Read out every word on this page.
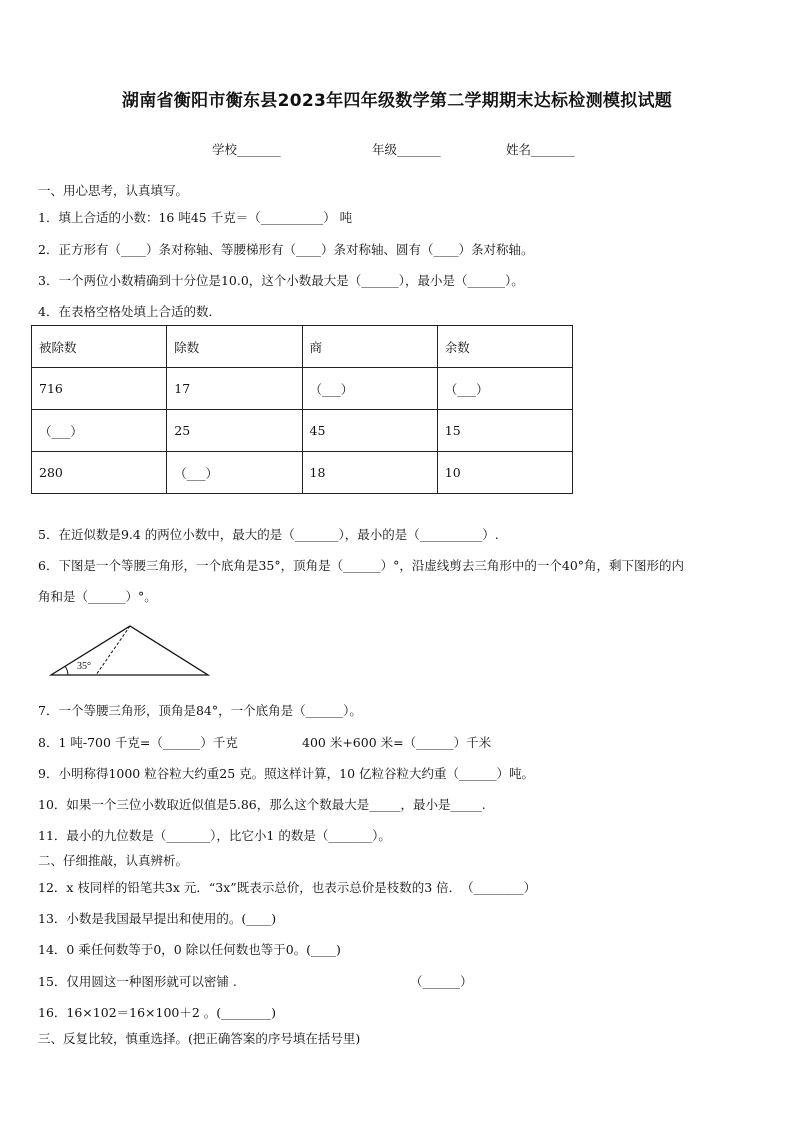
湖南省衡阳市衡东县2023年四年级数学第二学期期末达标检测模拟试题
学校_______	年级_______	姓名_______
一、用心思考，认真填写。
1．填上合适的小数：16 吨45 千克＝（__________） 吨
2．正方形有（____）条对称轴、等腰梯形有（____）条对称轴、圆有（____）条对称轴。
3．一个两位小数精确到十分位是10.0，这个小数最大是（______），最小是（______）。
4．在表格空格处填上合适的数．
被除数	除数	商	余数
716	17	（___）	（___）
（___）	25	45	15
280	（___）	18	10
5．在近似数是9.4 的两位小数中，最大的是（_______），最小的是（__________）.
6．下图是一个等腰三角形，一个底角是35°，顶角是（______）°，沿虚线剪去三角形中的一个40°角，剩下图形的内
角和是（______）°。
35°
7．一个等腰三角形，顶角是84°，一个底角是（______）。
8．1 吨-700 千克=（______）千克	400 米+600 米=（______）千米
9．小明称得1000 粒谷粒大约重25 克。照这样计算，10 亿粒谷粒大约重（______）吨。
10．如果一个三位小数取近似值是5.86，那么这个数最大是_____，最小是_____.
11．最小的九位数是（_______），比它小1 的数是（_______）。
二、仔细推敲，认真辨析。
12．x 枝同样的铅笔共3x 元．“3x”既表示总价，也表示总价是枝数的3 倍．　（________）
13．小数是我国最早提出和使用的。(____)
14．0 乘任何数等于0，0 除以任何数也等于0。(____)
15．仅用圆这一种图形就可以密铺 .	（______）
16．16×102＝16×100＋2 。(________)
三、反复比较，慎重选择。(把正确答案的序号填在括号里)
